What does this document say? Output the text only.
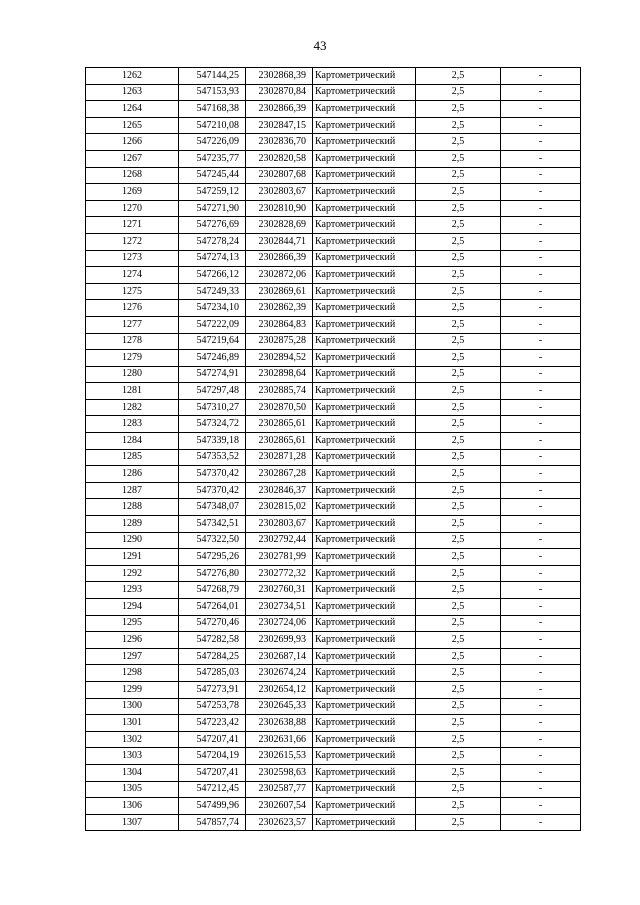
43
1262	547144,25	2302868,39	Картометрический	2,5	-
1263	547153,93	2302870,84	Картометрический	2,5	-
1264	547168,38	2302866,39	Картометрический	2,5	-
1265	547210,08	2302847,15	Картометрический	2,5	-
1266	547226,09	2302836,70	Картометрический	2,5	-
1267	547235,77	2302820,58	Картометрический	2,5	-
1268	547245,44	2302807,68	Картометрический	2,5	-
1269	547259,12	2302803,67	Картометрический	2,5	-
1270	547271,90	2302810,90	Картометрический	2,5	-
1271	547276,69	2302828,69	Картометрический	2,5	-
1272	547278,24	2302844,71	Картометрический	2,5	-
1273	547274,13	2302866,39	Картометрический	2,5	-
1274	547266,12	2302872,06	Картометрический	2,5	-
1275	547249,33	2302869,61	Картометрический	2,5	-
1276	547234,10	2302862,39	Картометрический	2,5	-
1277	547222,09	2302864,83	Картометрический	2,5	-
1278	547219,64	2302875,28	Картометрический	2,5	-
1279	547246,89	2302894,52	Картометрический	2,5	-
1280	547274,91	2302898,64	Картометрический	2,5	-
1281	547297,48	2302885,74	Картометрический	2,5	-
1282	547310,27	2302870,50	Картометрический	2,5	-
1283	547324,72	2302865,61	Картометрический	2,5	-
1284	547339,18	2302865,61	Картометрический	2,5	-
1285	547353,52	2302871,28	Картометрический	2,5	-
1286	547370,42	2302867,28	Картометрический	2,5	-
1287	547370,42	2302846,37	Картометрический	2,5	-
1288	547348,07	2302815,02	Картометрический	2,5	-
1289	547342,51	2302803,67	Картометрический	2,5	-
1290	547322,50	2302792,44	Картометрический	2,5	-
1291	547295,26	2302781,99	Картометрический	2,5	-
1292	547276,80	2302772,32	Картометрический	2,5	-
1293	547268,79	2302760,31	Картометрический	2,5	-
1294	547264,01	2302734,51	Картометрический	2,5	-
1295	547270,46	2302724,06	Картометрический	2,5	-
1296	547282,58	2302699,93	Картометрический	2,5	-
1297	547284,25	2302687,14	Картометрический	2,5	-
1298	547285,03	2302674,24	Картометрический	2,5	-
1299	547273,91	2302654,12	Картометрический	2,5	-
1300	547253,78	2302645,33	Картометрический	2,5	-
1301	547223,42	2302638,88	Картометрический	2,5	-
1302	547207,41	2302631,66	Картометрический	2,5	-
1303	547204,19	2302615,53	Картометрический	2,5	-
1304	547207,41	2302598,63	Картометрический	2,5	-
1305	547212,45	2302587,77	Картометрический	2,5	-
1306	547499,96	2302607,54	Картометрический	2,5	-
1307	547857,74	2302623,57	Картометрический	2,5	-
